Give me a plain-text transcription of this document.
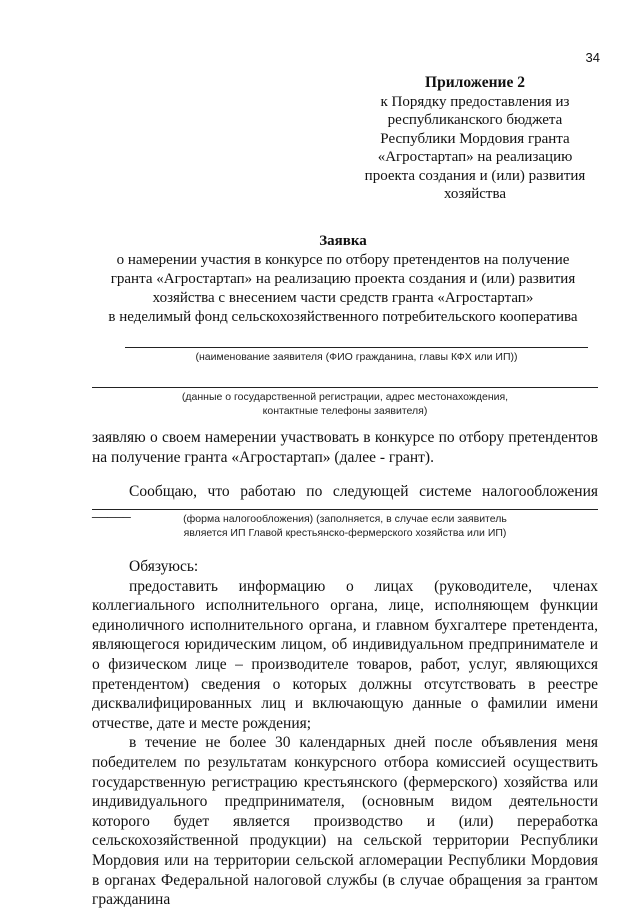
34
Приложение 2
к Порядку предоставления из
республиканского бюджета
Республики Мордовия гранта
«Агростартап» на реализацию
проекта создания и (или) развития
хозяйства
Заявка
о намерении участия в конкурсе по отбору претендентов на получение
гранта «Агростартап» на реализацию проекта создания и (или) развития
хозяйства с внесением части средств гранта «Агростартап»
в неделимый фонд сельскохозяйственного потребительского кооператива
(наименование заявителя (ФИО гражданина, главы КФХ или ИП))
(данные о государственной регистрации, адрес местонахождения,
контактные телефоны заявителя)

заявляю о своем намерении участвовать в конкурсе по отбору претендентов на получение гранта «Агростартап» (далее - грант).

Сообщаю, что работаю по следующей системе налогообложения _____	(форма налогообложения) (заполняется, в случае если заявитель
является ИП Главой крестьянско-фермерского хозяйства или ИП)

Обязуюсь:

предоставить информацию о лицах (руководителе, членах коллегиального исполнительного органа, лице, исполняющем функции единоличного исполнительного органа, и главном бухгалтере претендента, являющегося юридическим лицом, об индивидуальном предпринимателе и о физическом лице – производителе товаров, работ, услуг, являющихся претендентом) сведения о которых должны отсутствовать в реестре дисквалифицированных лиц и включающую данные о фамилии имени отчестве, дате и месте рождения;

в течение не более 30 календарных дней после объявления меня победителем по результатам конкурсного отбора комиссией осуществить государственную регистрацию крестьянского (фермерского) хозяйства или индивидуального предпринимателя, (основным видом деятельности которого будет является производство и (или) переработка сельскохозяйственной продукции) на сельской территории Республики Мордовия или на территории сельской агломерации Республики Мордовия в органах Федеральной налоговой службы (в случае обращения за грантом гражданина
